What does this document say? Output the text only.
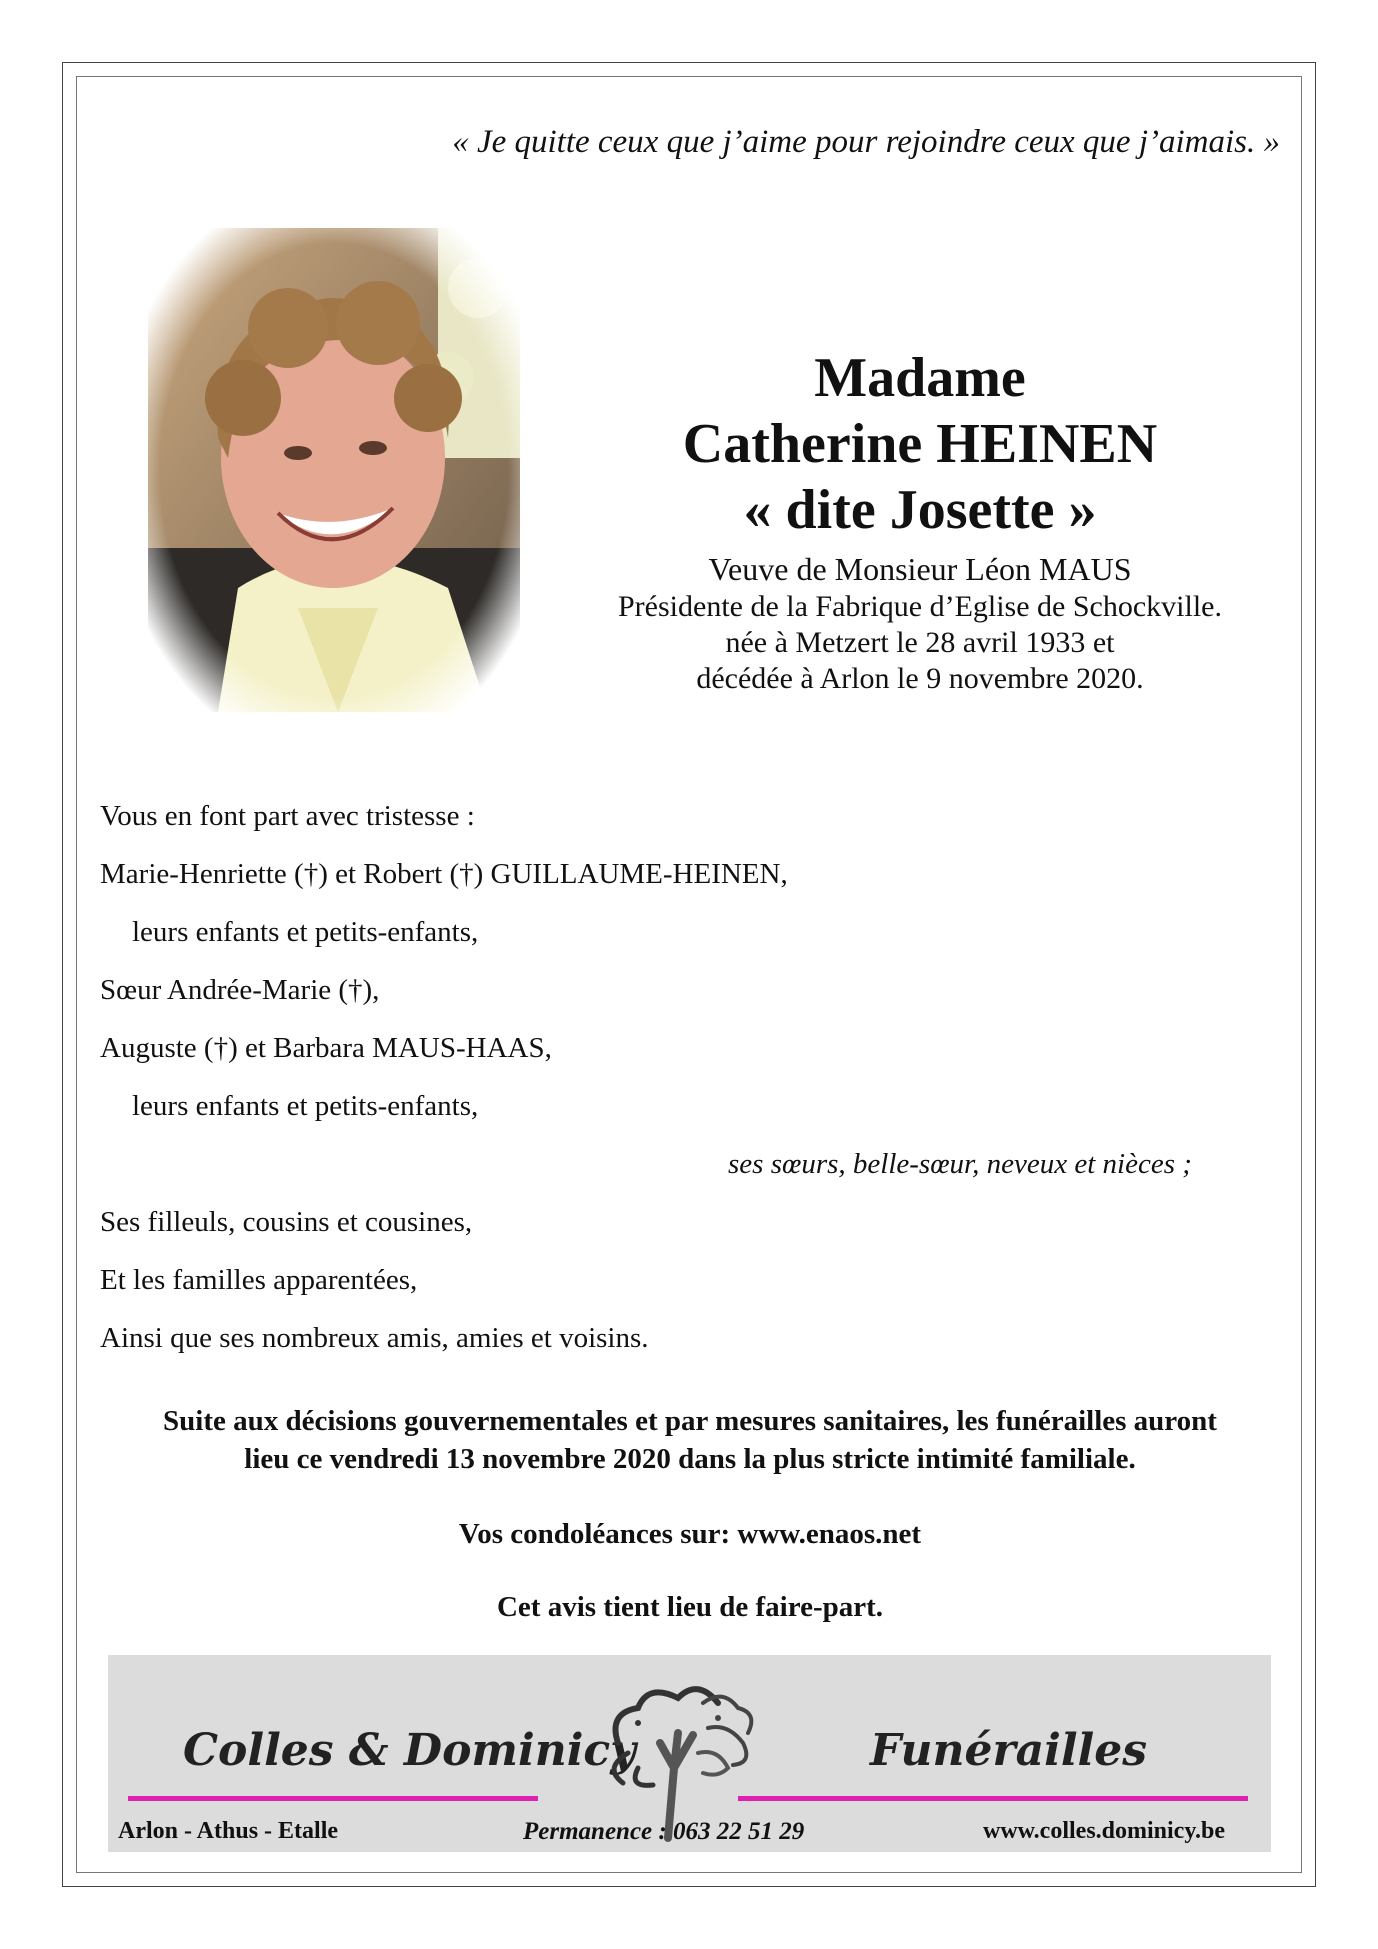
« Je quitte ceux que j’aime pour rejoindre ceux que j’aimais. »
Madame
Catherine HEINEN
« dite Josette »
Veuve de Monsieur Léon MAUS
Présidente de la Fabrique d’Eglise de Schockville.
née à Metzert le 28 avril 1933 et
décédée à Arlon le 9 novembre 2020.
Vous en font part avec tristesse :
Marie-Henriette (†) et Robert (†) GUILLAUME-HEINEN,
leurs enfants et petits-enfants,
Sœur Andrée-Marie (†),
Auguste (†) et Barbara MAUS-HAAS,
leurs enfants et petits-enfants,
ses sœurs, belle-sœur, neveux et nièces ;
Ses filleuls, cousins et cousines,
Et les familles apparentées,
Ainsi que ses nombreux amis, amies et voisins.
Suite aux décisions gouvernementales et par mesures sanitaires, les funérailles auront
lieu ce vendredi 13 novembre 2020 dans la plus stricte intimité familiale.
Vos condoléances sur: www.enaos.net
Cet avis tient lieu de faire-part.
Colles & Dominicy	Funérailles
Arlon - Athus - Etalle	Permanence : 063 22 51 29	www.colles.dominicy.be
